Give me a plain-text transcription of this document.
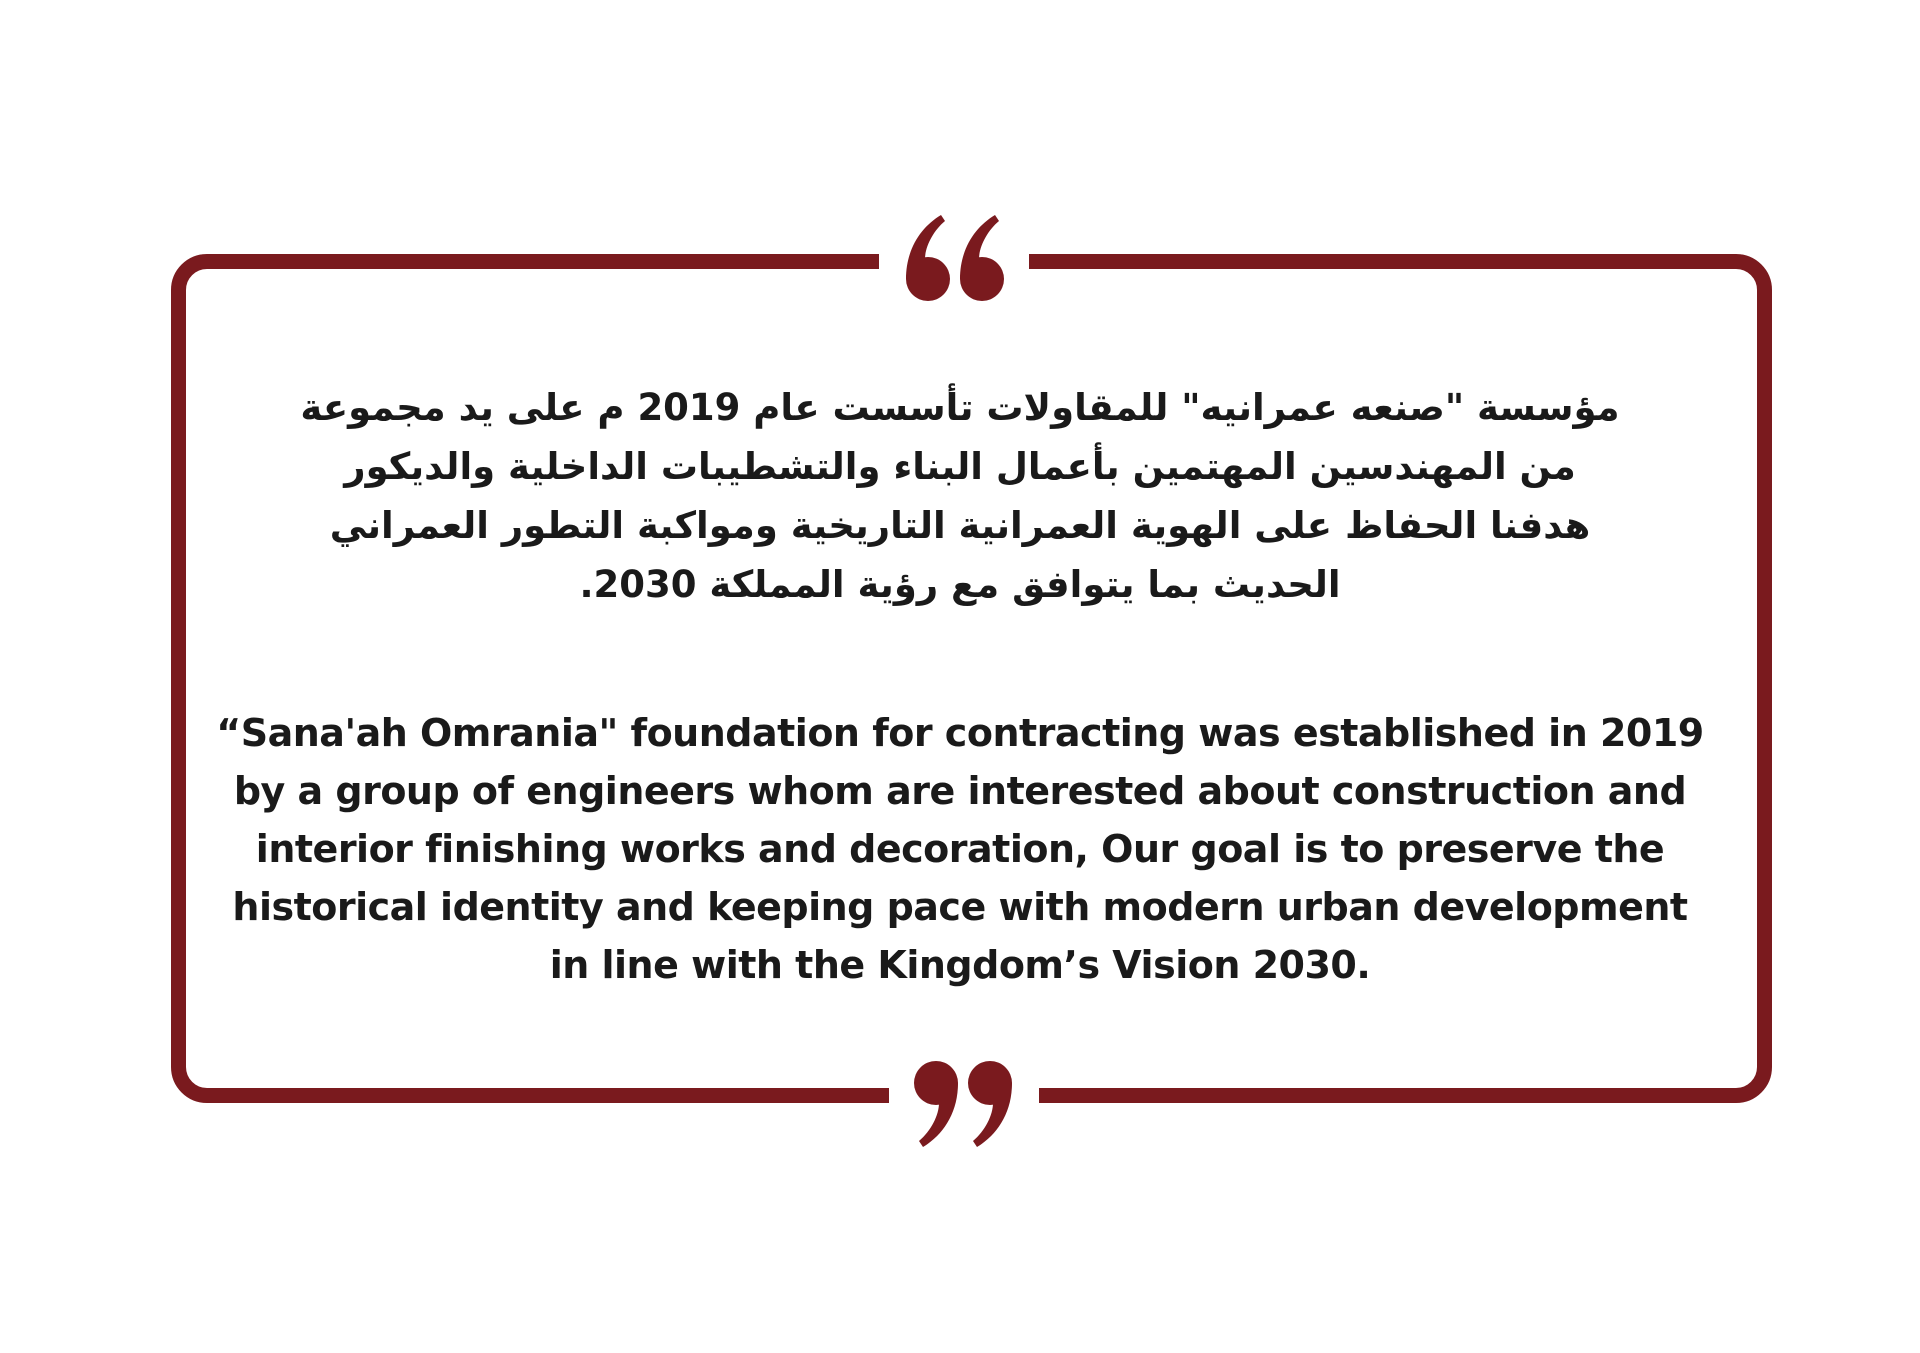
مؤسسة "صنعه عمرانيه" للمقاولات تأسست عام 2019 م على يد مجموعة
من المهندسين المهتمين بأعمال البناء والتشطيبات الداخلية والديكور
هدفنا الحفاظ على الهوية العمرانية التاريخية ومواكبة التطور العمراني
الحديث بما يتوافق مع رؤية المملكة 2030.

“Sana'ah Omrania" foundation for contracting was established in 2019
by a group of engineers whom are interested about construction and
interior finishing works and decoration, Our goal is to preserve the
historical identity and keeping pace with modern urban development
in line with the Kingdom’s Vision 2030.
